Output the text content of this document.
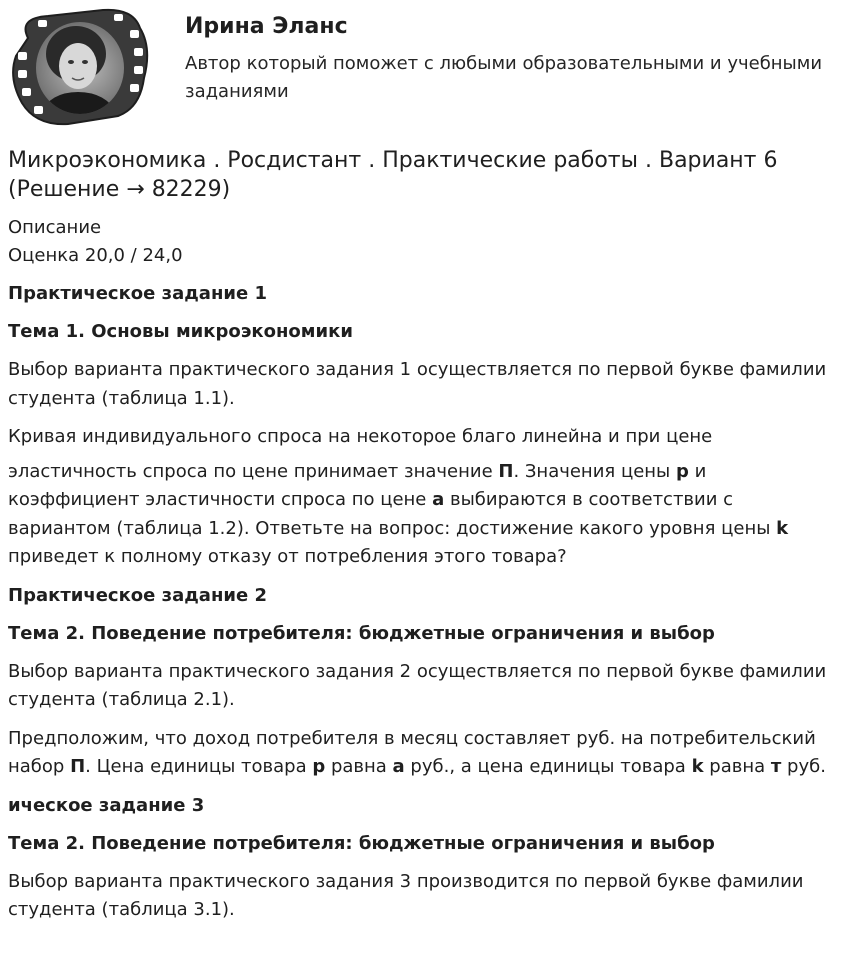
Ирина Эланс
Автор который поможет с любыми образовательными и учебными заданиями
Микроэкономика . Росдистант . Практические работы . Вариант 6 (Решение → 82229)

Описание

Оценка 20,0 / 24,0

Практическое задание 1

Тема 1. Основы микроэкономики

Выбор варианта практического задания 1 осуществляется по первой букве фамилии студента (таблица 1.1).

Кривая индивидуального спроса на некоторое благо линейна и при цене

эластичность спроса по цене принимает значение П. Значения цены p и коэффициент эластичности спроса по цене a выбираются в соответствии с вариантом (таблица 1.2). Ответьте на вопрос: достижение какого уровня цены k приведет к полному отказу от потребления этого товара?

Практическое задание 2

Тема 2. Поведение потребителя: бюджетные ограничения и выбор

Выбор варианта практического задания 2 осуществляется по первой букве фамилии студента (таблица 2.1).

Предположим, что доход потребителя в месяц составляет руб. на потребительский набор П. Цена единицы товара p равна a руб., а цена единицы товара k равна т руб.

ическое задание 3

Тема 2. Поведение потребителя: бюджетные ограничения и выбор

Выбор варианта практического задания 3 производится по первой букве фамилии студента (таблица 3.1).
